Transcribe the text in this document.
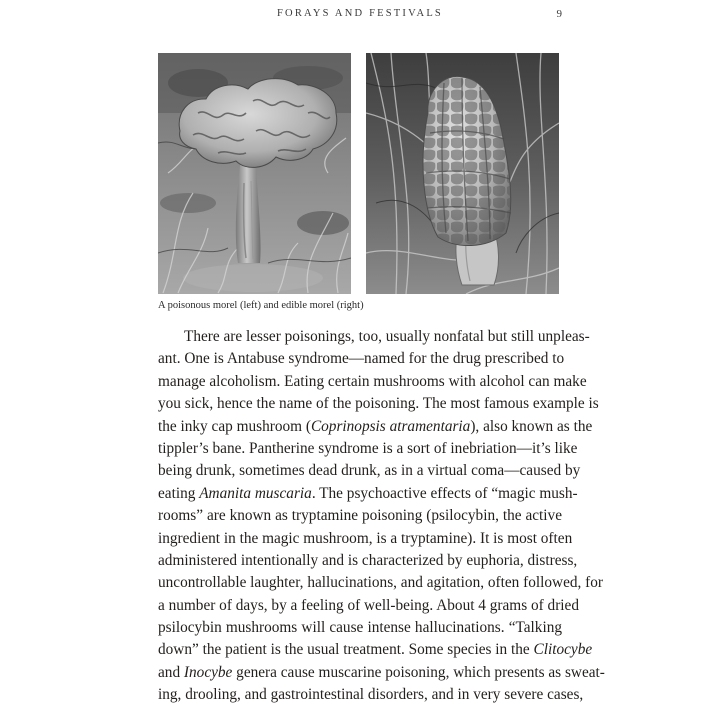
FORAYS AND FESTIVALS	9
A poisonous morel (left) and edible morel (right)
There are lesser poisonings, too, usually nonfatal but still unpleas-
ant. One is Antabuse syndrome—named for the drug prescribed to
manage alcoholism. Eating certain mushrooms with alcohol can make
you sick, hence the name of the poisoning. The most famous example is
the inky cap mushroom (Coprinopsis atramentaria), also known as the
tippler’s bane. Pantherine syndrome is a sort of inebriation—it’s like
being drunk, sometimes dead drunk, as in a virtual coma—caused by
eating Amanita muscaria. The psychoactive effects of “magic mush-
rooms” are known as tryptamine poisoning (psilocybin, the active
ingredient in the magic mushroom, is a tryptamine). It is most often
administered intentionally and is characterized by euphoria, distress,
uncontrollable laughter, hallucinations, and agitation, often followed, for
a number of days, by a feeling of well-being. About 4 grams of dried
psilocybin mushrooms will cause intense hallucinations. “Talking
down” the patient is the usual treatment. Some species in the Clitocybe
and Inocybe genera cause muscarine poisoning, which presents as sweat-
ing, drooling, and gastrointestinal disorders, and in very severe cases,
